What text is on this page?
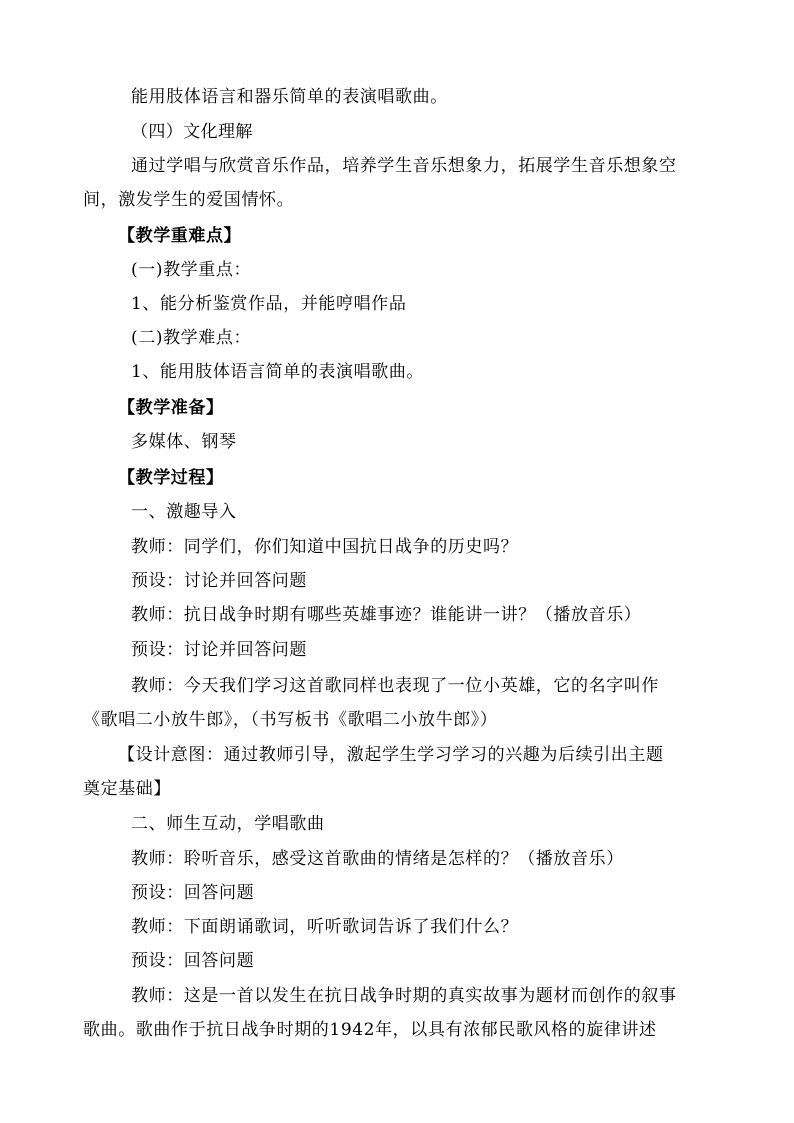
能用肢体语言和器乐简单的表演唱歌曲。
（四）文化理解
通过学唱与欣赏音乐作品，培养学生音乐想象力，拓展学生音乐想象空
间，激发学生的爱国情怀。
【教学重难点】
(一)教学重点：
1、能分析鉴赏作品，并能哼唱作品
(二)教学难点：
1、能用肢体语言简单的表演唱歌曲。
【教学准备】
多媒体、钢琴
【教学过程】
一、激趣导入
教师：同学们，你们知道中国抗日战争的历史吗？
预设：讨论并回答问题
教师：抗日战争时期有哪些英雄事迹？谁能讲一讲？（播放音乐）
预设：讨论并回答问题
教师：今天我们学习这首歌同样也表现了一位小英雄，它的名字叫作
《歌唱二小放牛郎》，（书写板书《歌唱二小放牛郎》）
【设计意图：通过教师引导，激起学生学习学习的兴趣为后续引出主题
奠定基础】
二、师生互动，学唱歌曲
教师：聆听音乐，感受这首歌曲的情绪是怎样的？（播放音乐）
预设：回答问题
教师：下面朗诵歌词，听听歌词告诉了我们什么？
预设：回答问题
教师：这是一首以发生在抗日战争时期的真实故事为题材而创作的叙事
歌曲。歌曲作于抗日战争时期的1942年，以具有浓郁民歌风格的旋律讲述
